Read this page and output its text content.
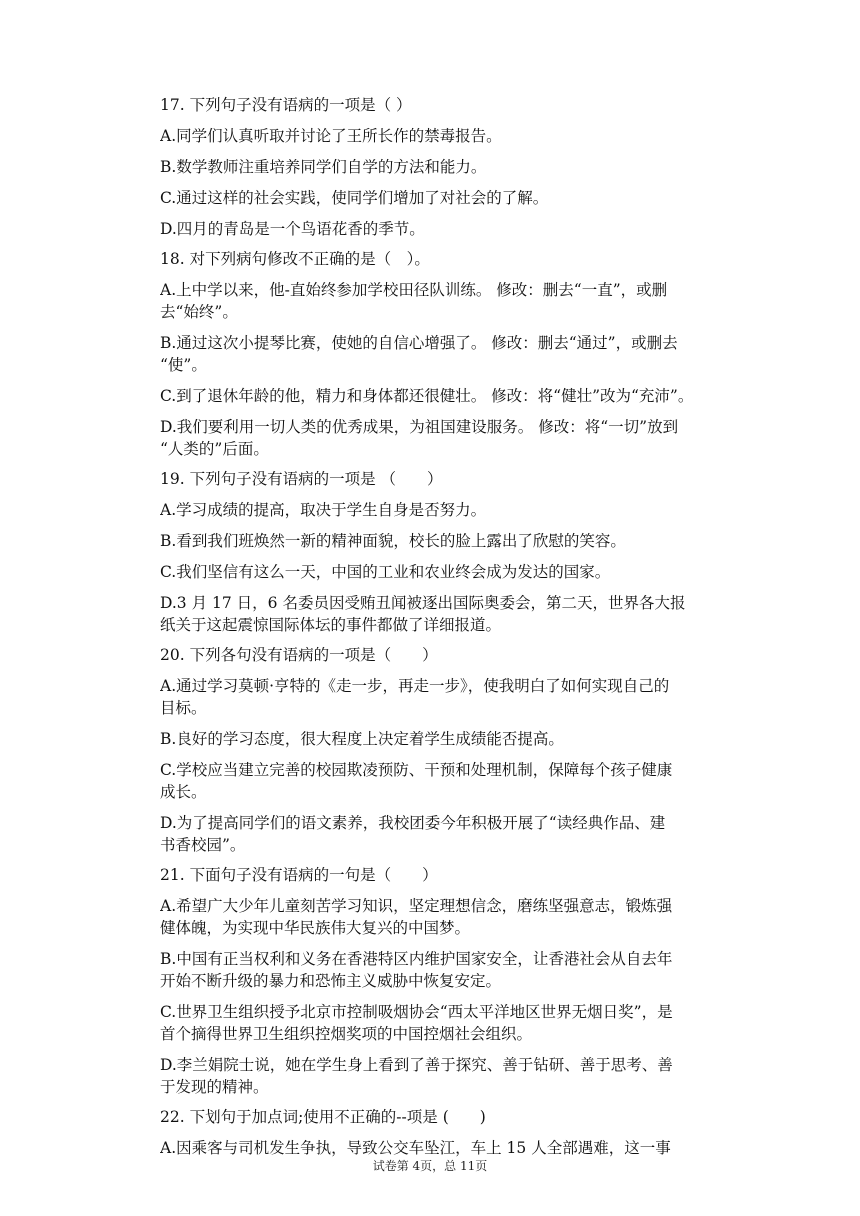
17. 下列句子没有语病的一项是（ ）
A.同学们认真听取并讨论了王所长作的禁毒报告。
B.数学教师注重培养同学们自学的方法和能力。
C.通过这样的社会实践，使同学们增加了对社会的了解。
D.四月的青岛是一个鸟语花香的季节。
18. 对下列病句修改不正确的是（　）。
A.上中学以来，他-直始终参加学校田径队训练。 修改：删去“一直”，或删
去“始终”。
B.通过这次小提琴比赛，使她的自信心增强了。 修改：删去“通过”，或删去
“使”。
C.到了退休年龄的他，精力和身体都还很健壮。 修改：将“健壮”改为“充沛”。
D.我们要利用一切人类的优秀成果，为祖国建设服务。 修改：将“一切”放到
“人类的”后面。
19. 下列句子没有语病的一项是 （　　）
A.学习成绩的提高，取决于学生自身是否努力。
B.看到我们班焕然一新的精神面貌，校长的脸上露出了欣慰的笑容。
C.我们坚信有这么一天，中国的工业和农业终会成为发达的国家。
D.3 月 17 日，6 名委员因受贿丑闻被逐出国际奥委会，第二天，世界各大报
纸关于这起震惊国际体坛的事件都做了详细报道。
20. 下列各句没有语病的一项是（　　）
A.通过学习莫顿·亨特的《走一步，再走一步》，使我明白了如何实现自己的
目标。
B.良好的学习态度，很大程度上决定着学生成绩能否提高。
C.学校应当建立完善的校园欺凌预防、干预和处理机制，保障每个孩子健康
成长。
D.为了提高同学们的语文素养，我校团委今年积极开展了“读经典作品、建
书香校园”。
21. 下面句子没有语病的一句是（　　）
A.希望广大少年儿童刻苦学习知识，坚定理想信念，磨练坚强意志，锻炼强
健体魄，为实现中华民族伟大复兴的中国梦。
B.中国有正当权利和义务在香港特区内维护国家安全，让香港社会从自去年
开始不断升级的暴力和恐怖主义威胁中恢复安定。
C.世界卫生组织授予北京市控制吸烟协会“西太平洋地区世界无烟日奖”，是
首个摘得世界卫生组织控烟奖项的中国控烟社会组织。
D.李兰娟院士说，她在学生身上看到了善于探究、善于钻研、善于思考、善
于发现的精神。
22. 下划句于加点词;使用不正确的--项是 (　　)
A.因乘客与司机发生争执，导致公交车坠江，车上 15 人全部遇难，这一事
试卷第 4页，总 11页
